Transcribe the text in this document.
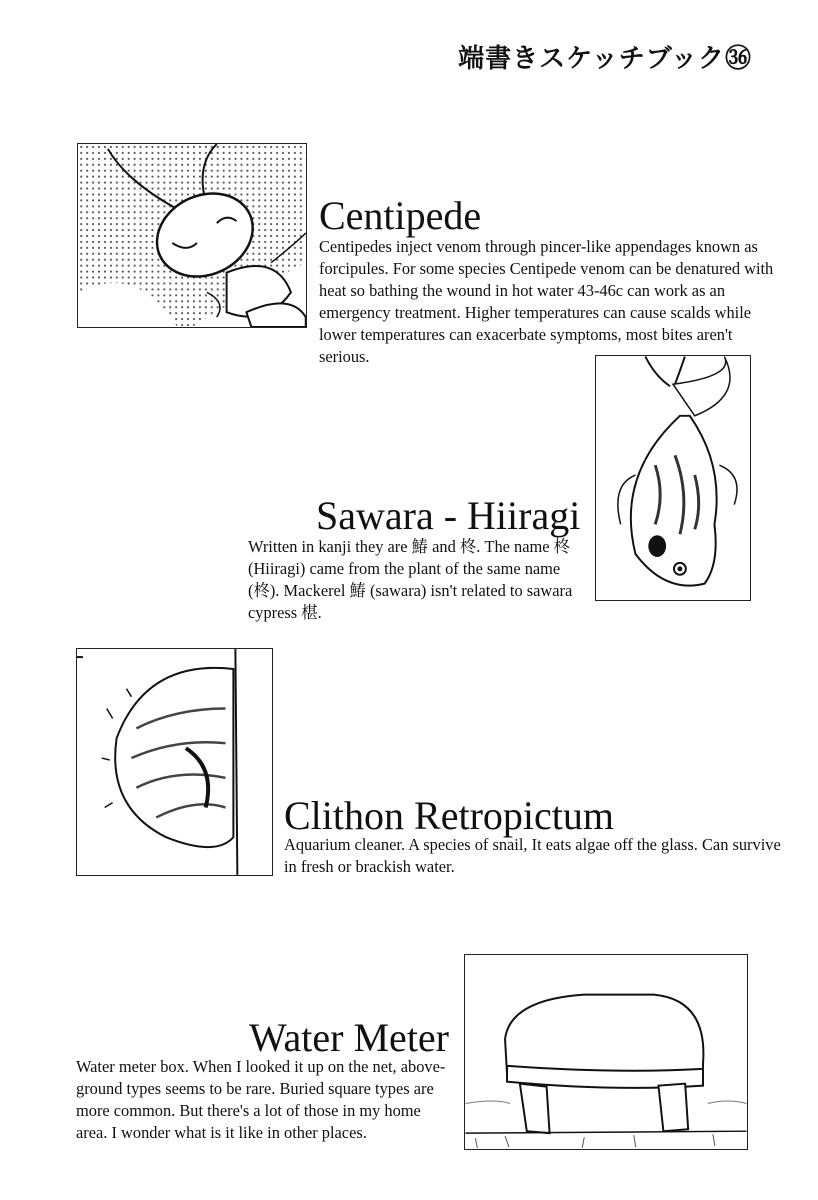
端書きスケッチブック㊱
Centipede
Centipedes inject venom through pincer-like appendages known as forcipules. For some species Centipede venom can be denatured with heat so bathing the wound in hot water 43-46c can work as an emergency treatment. Higher temperatures can cause scalds while lower temperatures can exacerbate symptoms, most bites aren't serious.
Sawara - Hiiragi
Written in kanji they are 鰆 and 柊. The name 柊(Hiiragi) came from the plant of the same name (柊). Mackerel 鰆 (sawara) isn't related to sawara cypress 椹.
Clithon Retropictum
Aquarium cleaner. A species of snail, It eats algae off the glass. Can survive in fresh or brackish water.
Water Meter
Water meter box. When I looked it up on the net, above-ground types seems to be rare. Buried square types are more common. But there's a lot of those in my home area. I wonder what is it like in other places.
